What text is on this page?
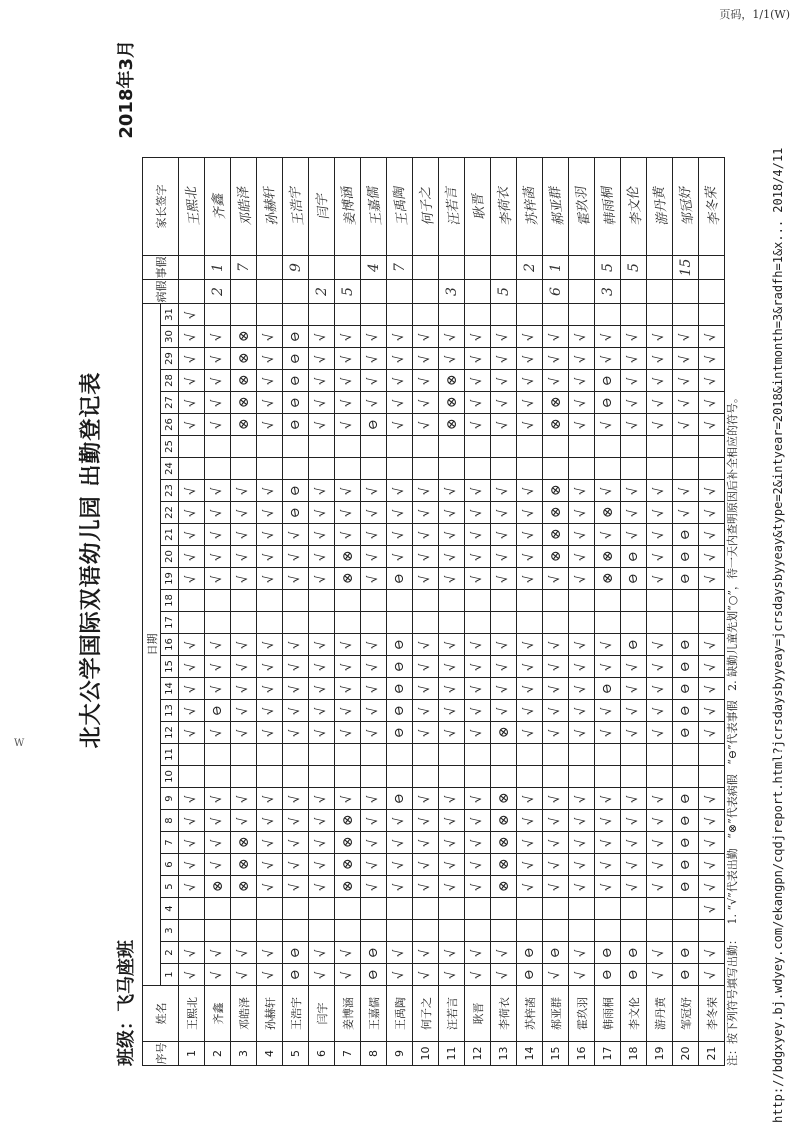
页码，1/1(W)
W	http://bdgxyey.bj.wdyey.com/ekangpn/cqdjreport.html?jcrsdaysbyyeay=jcrsdaysbyyeay&type=2&intyear=2018&intmonth=3&radfh=1&x... 2018/4/11
北大公学国际双语幼儿园 出勤登记表
班级：飞马座班
2018年3月
序号	姓名	日期																															病假	事假	家长签字
		1	2	3	4	5	6	7	8	9	10	11	12	13	14	15	16	17	18	19	20	21	22	23	24	25	26	27	28	29	30	31			
1	王熙北	√	√			√	√	√	√	√			√	√	√	√	√			√	√	√	√	√			√	√	√	√	√	√			王熙北
2	齐鑫	√	√			⊗	√	√	√	√			√	⊖	√	√	√			√	√	√	√	√			√	√	√	√	√		2	1	齐鑫
3	邓皓泽	√	√			⊗	⊗	⊗	√	√			√	√	√	√	√			√	√	√	√	√			⊗	⊗	⊗	⊗	⊗			7	邓皓泽
4	孙赫轩	√	√			√	√	√	√	√			√	√	√	√	√			√	√	√	√	√			√	√	√	√	√				孙赫轩
5	王浩宇	⊖	⊖			√	√	√	√	√			√	√	√	√	√			√	√	√	⊖	⊖			⊖	⊖	⊖	⊖	⊖			9	王浩宇
6	闫宇	√	√			√	√	√	√	√			√	√	√	√	√			√	√	√	√	√			√	√	√	√	√		2		闫宇
7	姜博涵	√	√			⊗	⊗	⊗	⊗	√			√	√	√	√	√			⊗	⊗	√	√	√			√	√	√	√	√		5		姜博涵
8	王嘉儒	⊖	⊖			√	√	√	√	√			√	√	√	√	√			√	√	√	√	√			⊖	√	√	√	√			4	王嘉儒
9	王禹陶	√	√			√	√	√	√	⊖			⊖	⊖	⊖	⊖	⊖			⊖	√	√	√	√			√	√	√	√	√			7	王禹陶
10	何子之	√	√			√	√	√	√	√			√	√	√	√	√			√	√	√	√	√			√	√	√	√	√				何子之
11	汪若言	√	√			√	√	√	√	√			√	√	√	√	√			√	√	√	√	√			⊗	⊗	⊗	√	√		3		汪若言
12	耿晋	√	√			√	√	√	√	√			√	√	√	√	√			√	√	√	√	√			√	√	√	√	√				耿晋
13	李荷衣	√	√			⊗	⊗	⊗	⊗	⊗			⊗	√	√	√	√			√	√	√	√	√			√	√	√	√	√		5		李荷衣
14	苏梓菡	⊖	⊖			√	√	√	√	√			√	√	√	√	√			√	√	√	√	√			√	√	√	√	√			2	苏梓菡
15	郝亚群	√	⊖			√	√	√	√	√			√	√	√	√	√			√	⊗	⊗	⊗	⊗			⊗	⊗	√	√	√		6	1	郝亚群
16	霍玖羽	√	√			√	√	√	√	√			√	√	√	√	√			√	√	√	√	√			√	√	√	√	√				霍玖羽
17	韩雨桐	⊖	⊖			√	√	√	√	√			√	√	⊖	√	√			⊗	⊗	√	⊗	√			√	⊖	⊖	√	√		3	5	韩雨桐
18	李文伦	⊖	⊖			√	√	√	√	√			√	√	√	√	⊖			⊖	⊖	√	√	√			√	√	√	√	√			5	李文伦
19	游丹黄	√	√			√	√	√	√	√			√	√	√	√	√			√	√	√	√	√			√	√	√	√	√				游丹黄
20	邹冠妤	⊖	⊖			⊖	⊖	⊖	⊖	⊖			⊖	⊖	⊖	⊖	⊖			⊖	⊖	⊖	√	√			√	√	√	√	√			15	邹冠妤
21	李冬荣	√	√		√	√	√	√	√	√			√	√	√	√	√			√	√	√	√	√			√	√	√	√	√				李冬荣
注：按下列符号填写出勤： 1. “√”代表出勤 “⊗”代表病假 “⊖”代表事假 2. 缺勤儿童先划“○”，待一天内查明原因后补全相应的符号。
